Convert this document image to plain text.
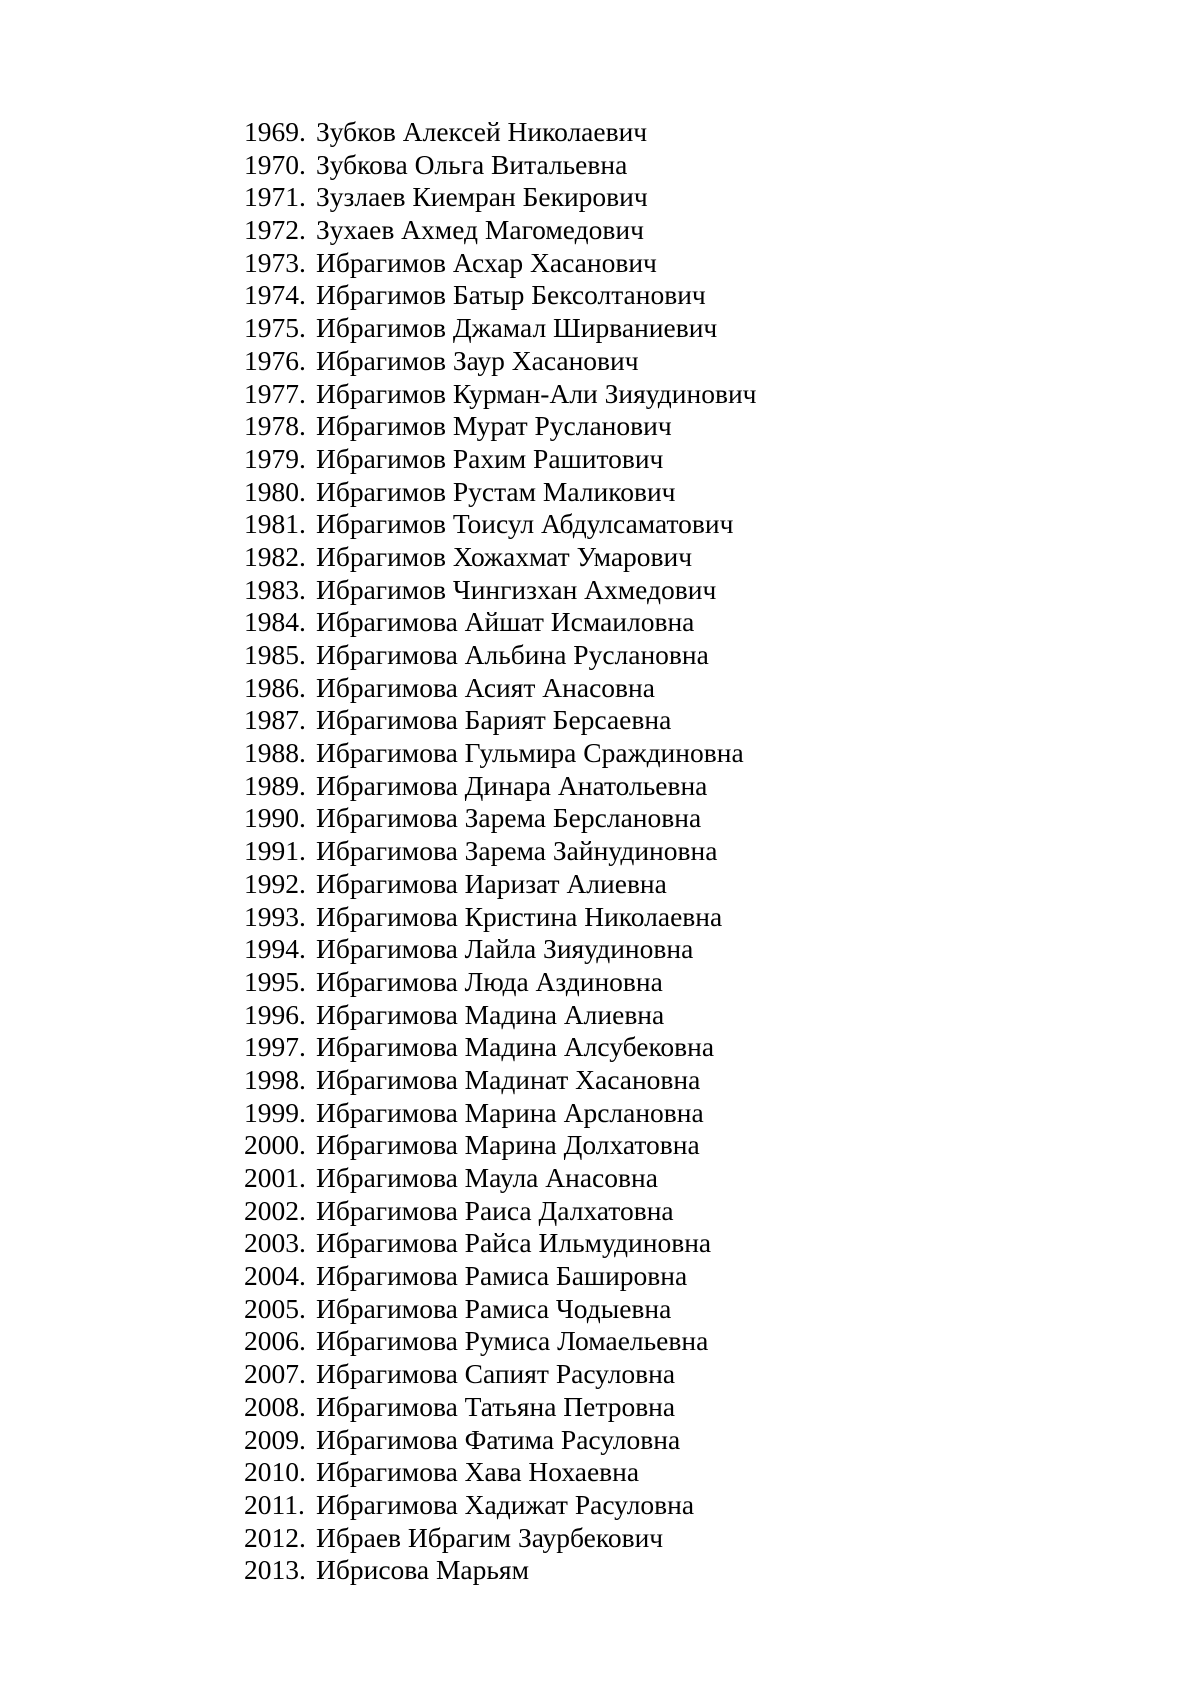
1969. Зубков Алексей Николаевич
1970. Зубкова Ольга Витальевна
1971. Зузлаев Киемран Бекирович
1972. Зухаев Ахмед Магомедович
1973. Ибрагимов Асхар Хасанович
1974. Ибрагимов Батыр Бексолтанович
1975. Ибрагимов Джамал Ширваниевич
1976. Ибрагимов Заур Хасанович
1977. Ибрагимов Курман-Али Зияудинович
1978. Ибрагимов Мурат Русланович
1979. Ибрагимов Рахим Рашитович
1980. Ибрагимов Рустам Маликович
1981. Ибрагимов Тоисул Абдулсаматович
1982. Ибрагимов Хожахмат Умарович
1983. Ибрагимов Чингизхан Ахмедович
1984. Ибрагимова Айшат Исмаиловна
1985. Ибрагимова Альбина Руслановна
1986. Ибрагимова Асият Анасовна
1987. Ибрагимова Барият Берсаевна
1988. Ибрагимова Гульмира Сраждиновна
1989. Ибрагимова Динара Анатольевна
1990. Ибрагимова Зарема Берслановна
1991. Ибрагимова Зарема Зайнудиновна
1992. Ибрагимова Иаризат Алиевна
1993. Ибрагимова Кристина Николаевна
1994. Ибрагимова Лайла Зияудиновна
1995. Ибрагимова Люда Аздиновна
1996. Ибрагимова Мадина Алиевна
1997. Ибрагимова Мадина Алсубековна
1998. Ибрагимова Мадинат Хасановна
1999. Ибрагимова Марина Арслановна
2000. Ибрагимова Марина Долхатовна
2001. Ибрагимова Маула Анасовна
2002. Ибрагимова Раиса Далхатовна
2003. Ибрагимова Райса Ильмудиновна
2004. Ибрагимова Рамиса Башировна
2005. Ибрагимова Рамиса Чодыевна
2006. Ибрагимова Румиса Ломаельевна
2007. Ибрагимова Сапият Расуловна
2008. Ибрагимова Татьяна Петровна
2009. Ибрагимова Фатима Расуловна
2010. Ибрагимова Хава Нохаевна
2011. Ибрагимова Хадижат Расуловна
2012. Ибраев Ибрагим Заурбекович
2013. Ибрисова Марьям
